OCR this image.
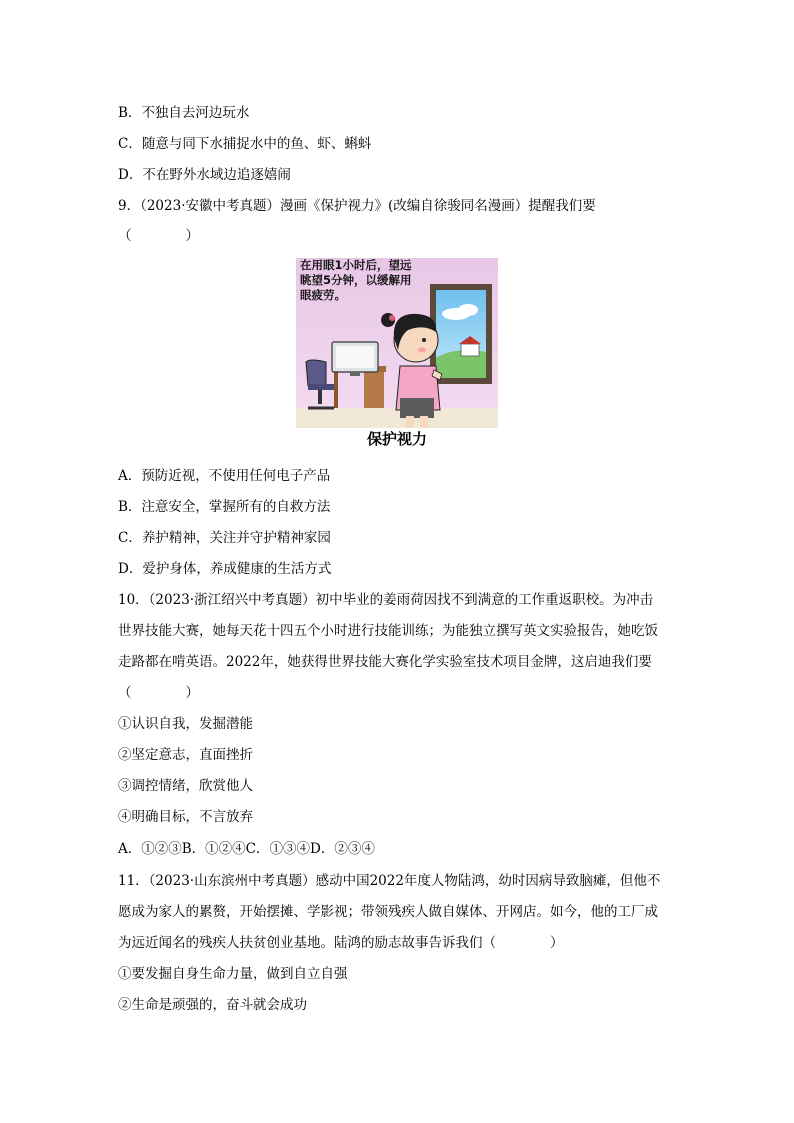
B．不独自去河边玩水
C．随意与同下水捕捉水中的鱼、虾、蝌蚪
D．不在野外水域边追逐嬉闹
9．（2023·安徽中考真题）漫画《保护视力》(改编自徐骏同名漫画）提醒我们要
（　　　　）
在用眼1小时后，望远眺望5分钟，以缓解用眼疲劳。
保护视力
A．预防近视，不使用任何电子产品
B．注意安全，掌握所有的自救方法
C．养护精神，关注并守护精神家园
D．爱护身体，养成健康的生活方式
10．（2023·浙江绍兴中考真题）初中毕业的姜雨荷因找不到满意的工作重返职校。为冲击
世界技能大赛，她每天花十四五个小时进行技能训练；为能独立撰写英文实验报告，她吃饭
走路都在啃英语。2022年，她获得世界技能大赛化学实验室技术项目金牌，这启迪我们要
（　　　　）
①认识自我，发掘潜能
②坚定意志，直面挫折
③调控情绪，欣赏他人
④明确目标，不言放弃
A．①②③B．①②④C．①③④D．②③④
11．（2023·山东滨州中考真题）感动中国2022年度人物陆鸿，幼时因病导致脑瘫，但他不
愿成为家人的累赘，开始摆摊、学影视；带领残疾人做自媒体、开网店。如今，他的工厂成
为远近闻名的残疾人扶贫创业基地。陆鸿的励志故事告诉我们（　　　　）
①要发掘自身生命力量，做到自立自强
②生命是顽强的，奋斗就会成功
